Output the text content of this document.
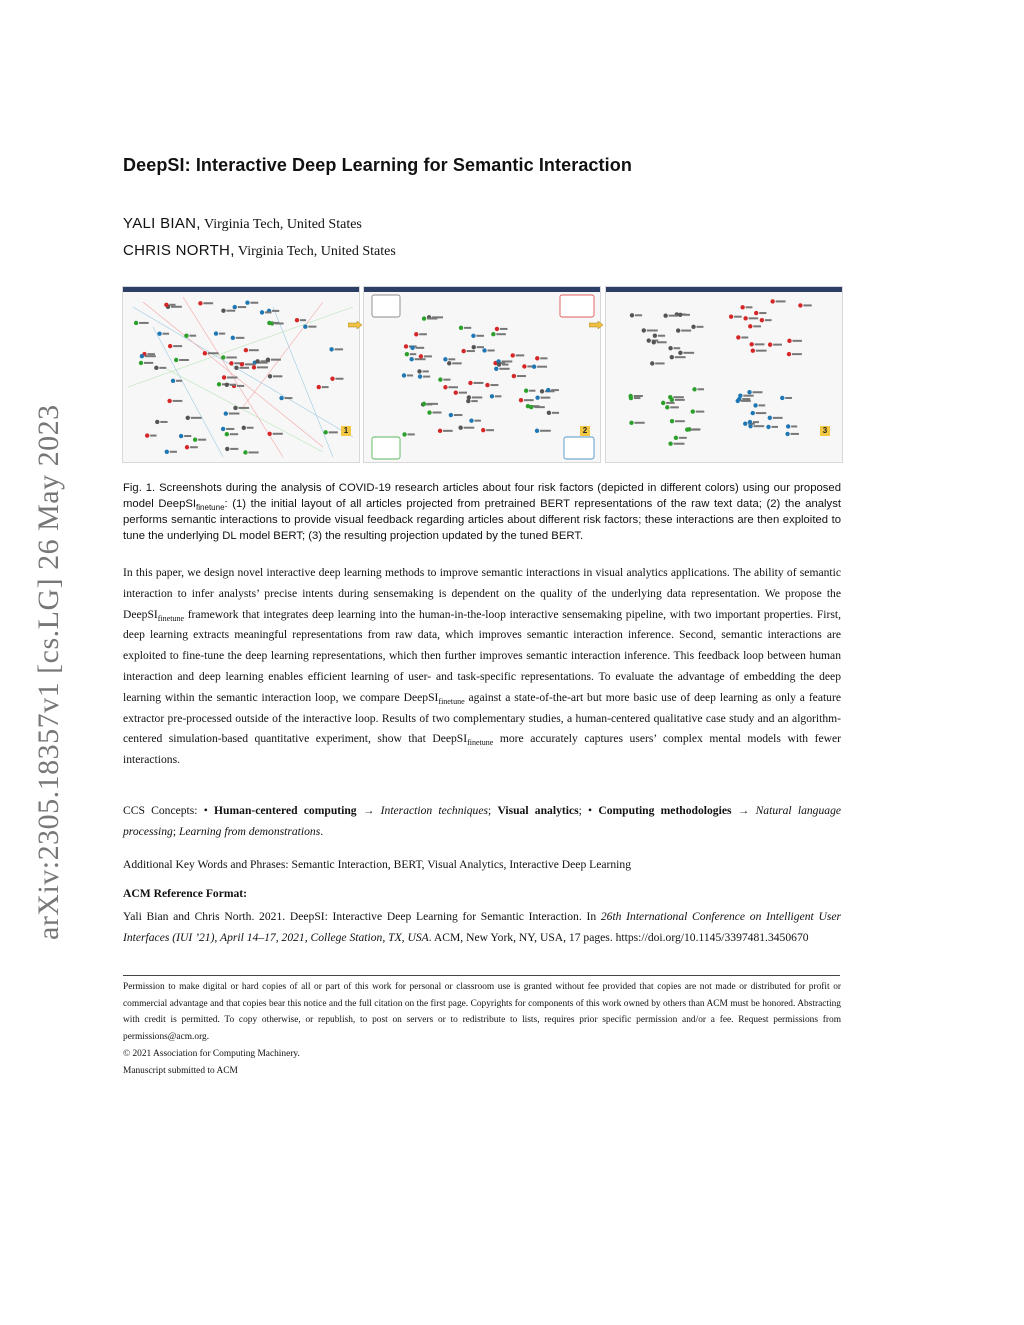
arXiv:2305.18357v1 [cs.LG] 26 May 2023
DeepSI: Interactive Deep Learning for Semantic Interaction
YALI BIAN, Virginia Tech, United States
CHRIS NORTH, Virginia Tech, United States
1	2	3
Fig. 1. Screenshots during the analysis of COVID-19 research articles about four risk factors (depicted in different colors) using our proposed model DeepSI$_{finetune}$: (1) the initial layout of all articles projected from pretrained BERT representations of the raw text data; (2) the analyst performs semantic interactions to provide visual feedback regarding articles about different risk factors; these interactions are then exploited to tune the underlying DL model BERT; (3) the resulting projection updated by the tuned BERT.
In this paper, we design novel interactive deep learning methods to improve semantic interactions in visual analytics applications. The ability of semantic interaction to infer analysts’ precise intents during sensemaking is dependent on the quality of the underlying data representation. We propose the DeepSI$_{finetune}$ framework that integrates deep learning into the human-in-the-loop interactive sensemaking pipeline, with two important properties. First, deep learning extracts meaningful representations from raw data, which improves semantic interaction inference. Second, semantic interactions are exploited to fine-tune the deep learning representations, which then further improves semantic interaction inference. This feedback loop between human interaction and deep learning enables efficient learning of user- and task-specific representations. To evaluate the advantage of embedding the deep learning within the semantic interaction loop, we compare DeepSI$_{finetune}$ against a state-of-the-art but more basic use of deep learning as only a feature extractor pre-processed outside of the interactive loop. Results of two complementary studies, a human-centered qualitative case study and an algorithm-centered simulation-based quantitative experiment, show that DeepSI$_{finetune}$ more accurately captures users’ complex mental models with fewer interactions.
CCS Concepts: • Human-centered computing → Interaction techniques; Visual analytics; • Computing methodologies → Natural language processing; Learning from demonstrations.
Additional Key Words and Phrases: Semantic Interaction, BERT, Visual Analytics, Interactive Deep Learning
ACM Reference Format:
Yali Bian and Chris North. 2021. DeepSI: Interactive Deep Learning for Semantic Interaction. In 26th International Conference on Intelligent User Interfaces (IUI ’21), April 14–17, 2021, College Station, TX, USA. ACM, New York, NY, USA, 17 pages. https://doi.org/10.1145/3397481.3450670
Permission to make digital or hard copies of all or part of this work for personal or classroom use is granted without fee provided that copies are not made or distributed for profit or commercial advantage and that copies bear this notice and the full citation on the first page. Copyrights for components of this work owned by others than ACM must be honored. Abstracting with credit is permitted. To copy otherwise, or republish, to post on servers or to redistribute to lists, requires prior specific permission and/or a fee. Request permissions from permissions@acm.org.
© 2021 Association for Computing Machinery.
Manuscript submitted to ACM
